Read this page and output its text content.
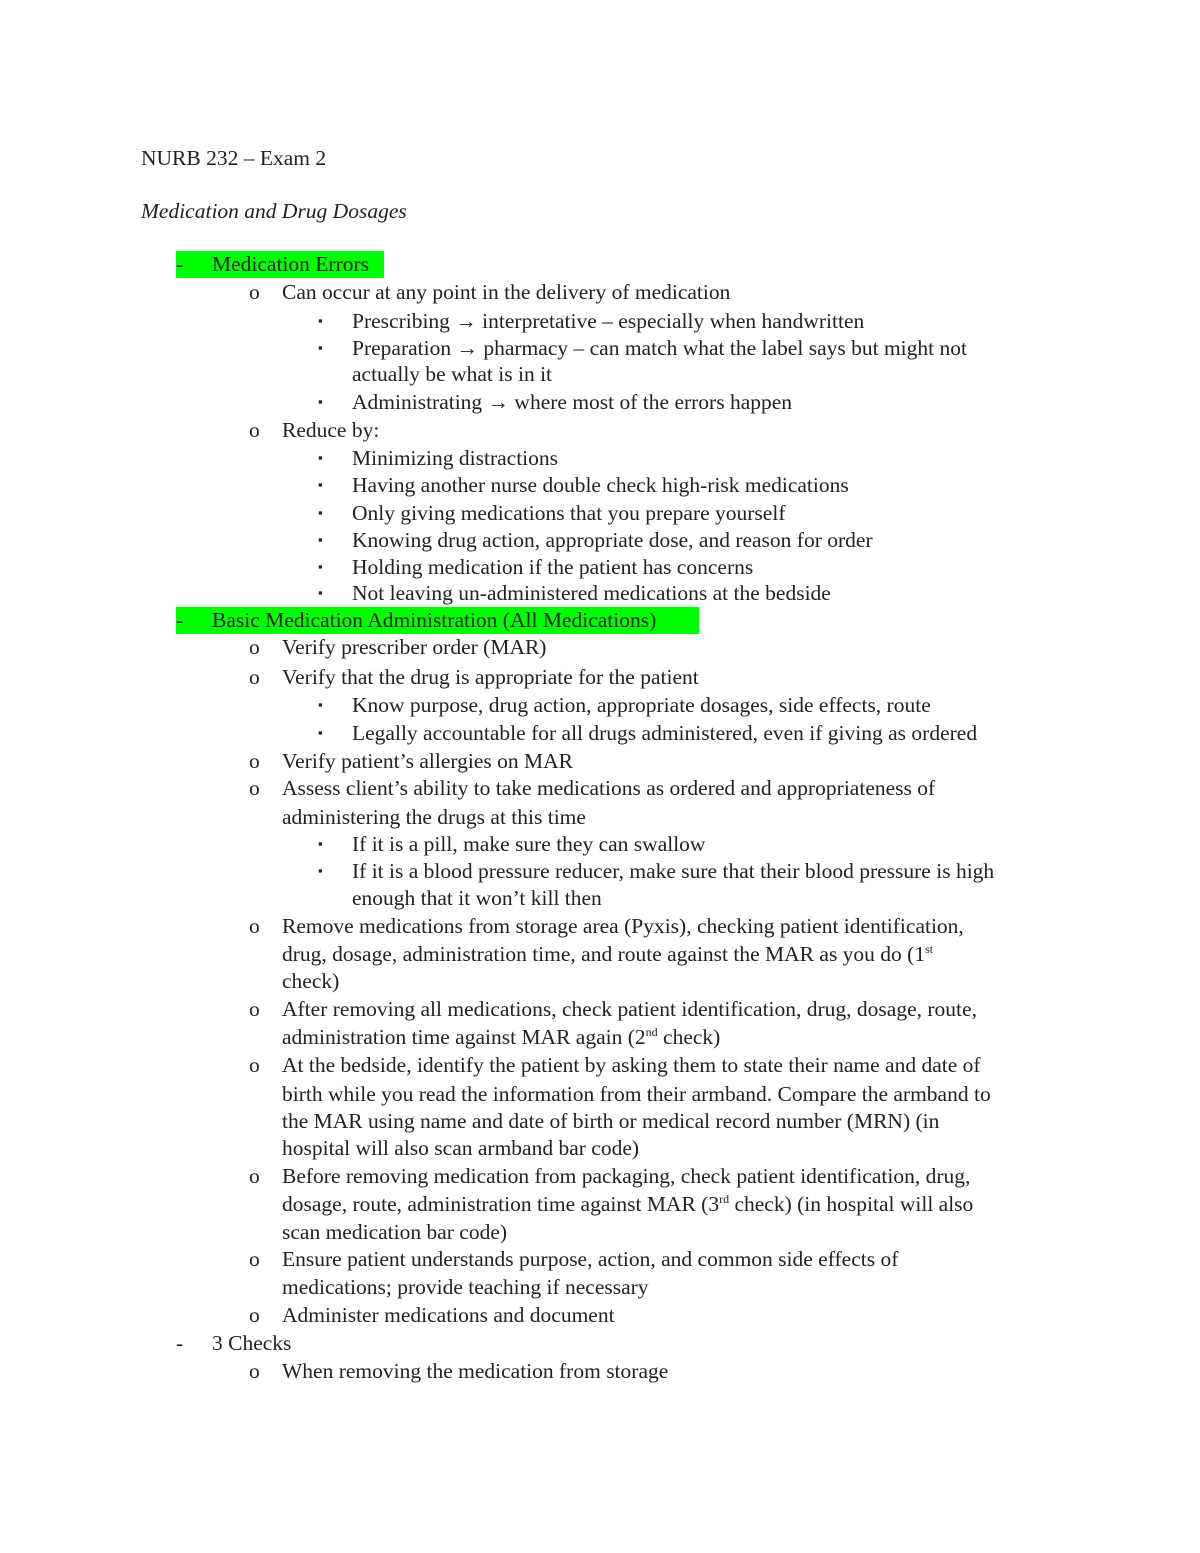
NURB 232 – Exam 2
Medication and Drug Dosages
- Medication Errors
o Can occur at any point in the delivery of medication
▪ Prescribing → interpretative – especially when handwritten
▪ Preparation → pharmacy – can match what the label says but might not
actually be what is in it
▪ Administrating → where most of the errors happen
o Reduce by:
▪ Minimizing distractions
▪ Having another nurse double check high-risk medications
▪ Only giving medications that you prepare yourself
▪ Knowing drug action, appropriate dose, and reason for order
▪ Holding medication if the patient has concerns
▪ Not leaving un-administered medications at the bedside
- Basic Medication Administration (All Medications)
o Verify prescriber order (MAR)
o Verify that the drug is appropriate for the patient
▪ Know purpose, drug action, appropriate dosages, side effects, route
▪ Legally accountable for all drugs administered, even if giving as ordered
o Verify patient’s allergies on MAR
o Assess client’s ability to take medications as ordered and appropriateness of
administering the drugs at this time
▪ If it is a pill, make sure they can swallow
▪ If it is a blood pressure reducer, make sure that their blood pressure is high
enough that it won’t kill then
o Remove medications from storage area (Pyxis), checking patient identification,
drug, dosage, administration time, and route against the MAR as you do (1st
check)
o After removing all medications, check patient identification, drug, dosage, route,
administration time against MAR again (2nd check)
o At the bedside, identify the patient by asking them to state their name and date of
birth while you read the information from their armband. Compare the armband to
the MAR using name and date of birth or medical record number (MRN) (in
hospital will also scan armband bar code)
o Before removing medication from packaging, check patient identification, drug,
dosage, route, administration time against MAR (3rd check) (in hospital will also
scan medication bar code)
o Ensure patient understands purpose, action, and common side effects of
medications; provide teaching if necessary
o Administer medications and document
- 3 Checks
o When removing the medication from storage
